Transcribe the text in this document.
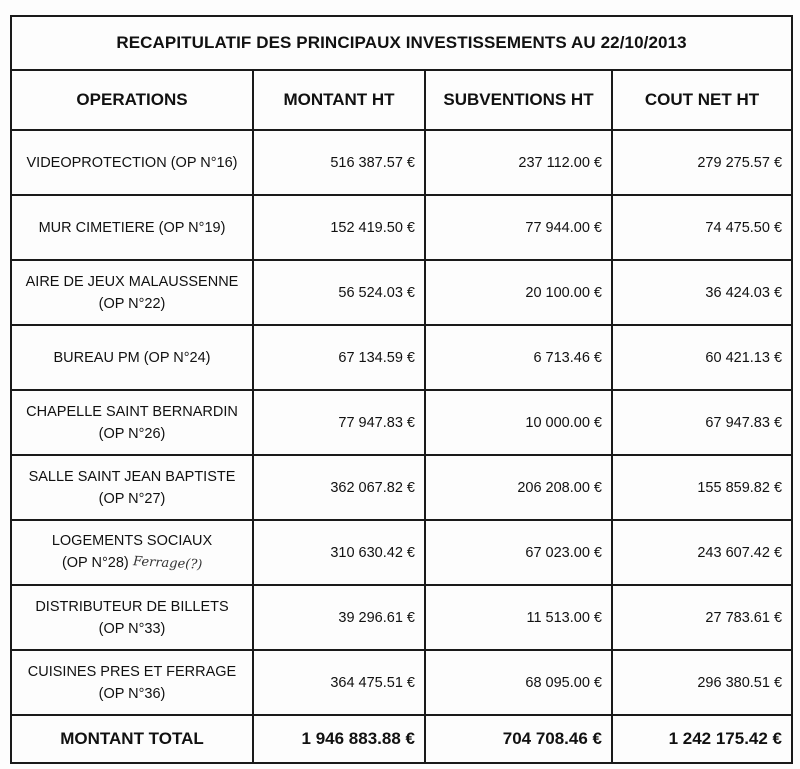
RECAPITULATIF DES PRINCIPAUX INVESTISSEMENTS AU 22/10/2013			
OPERATIONS	MONTANT HT	SUBVENTIONS HT	COUT NET HT

VIDEOPROTECTION (OP N°16)	516 387.57 €	237 112.00 €	279 275.57 €

MUR CIMETIERE (OP N°19)	152 419.50 €	77 944.00 €	74 475.50 €

AIRE DE JEUX MALAUSSENNE
(OP N°22)	56 524.03 €	20 100.00 €	36 424.03 €

BUREAU PM (OP N°24)	67 134.59 €	6 713.46 €	60 421.13 €

CHAPELLE SAINT BERNARDIN
(OP N°26)	77 947.83 €	10 000.00 €	67 947.83 €

SALLE SAINT JEAN BAPTISTE
(OP N°27)	362 067.82 €	206 208.00 €	155 859.82 €

LOGEMENTS SOCIAUX
(OP N°28) Ferrage(?)	310 630.42 €	67 023.00 €	243 607.42 €

DISTRIBUTEUR DE BILLETS
(OP N°33)	39 296.61 €	11 513.00 €	27 783.61 €

CUISINES PRES ET FERRAGE
(OP N°36)	364 475.51 €	68 095.00 €	296 380.51 €
MONTANT TOTAL	1 946 883.88 €	704 708.46 €	1 242 175.42 €
